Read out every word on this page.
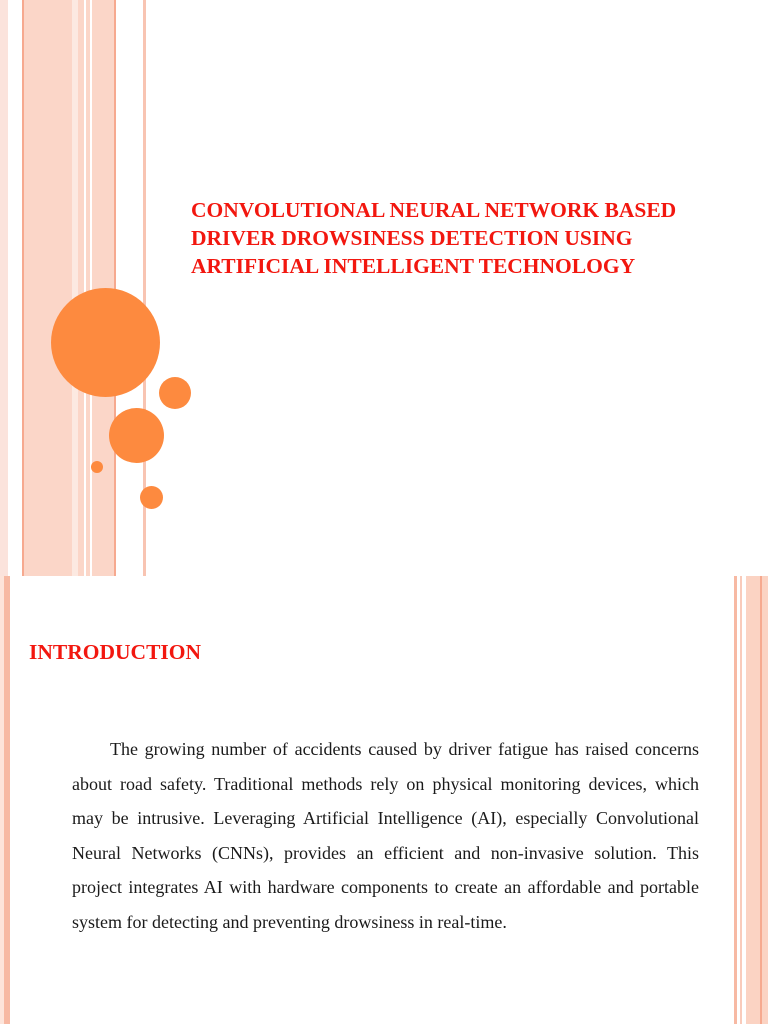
CONVOLUTIONAL NEURAL NETWORK BASED DRIVER DROWSINESS DETECTION USING ARTIFICIAL INTELLIGENT TECHNOLOGY
INTRODUCTION

The growing number of accidents caused by driver fatigue has raised concerns about road safety. Traditional methods rely on physical monitoring devices, which may be intrusive. Leveraging Artificial Intelligence (AI), especially Convolutional Neural Networks (CNNs), provides an efficient and non-invasive solution. This project integrates AI with hardware components to create an affordable and portable system for detecting and preventing drowsiness in real-time.
